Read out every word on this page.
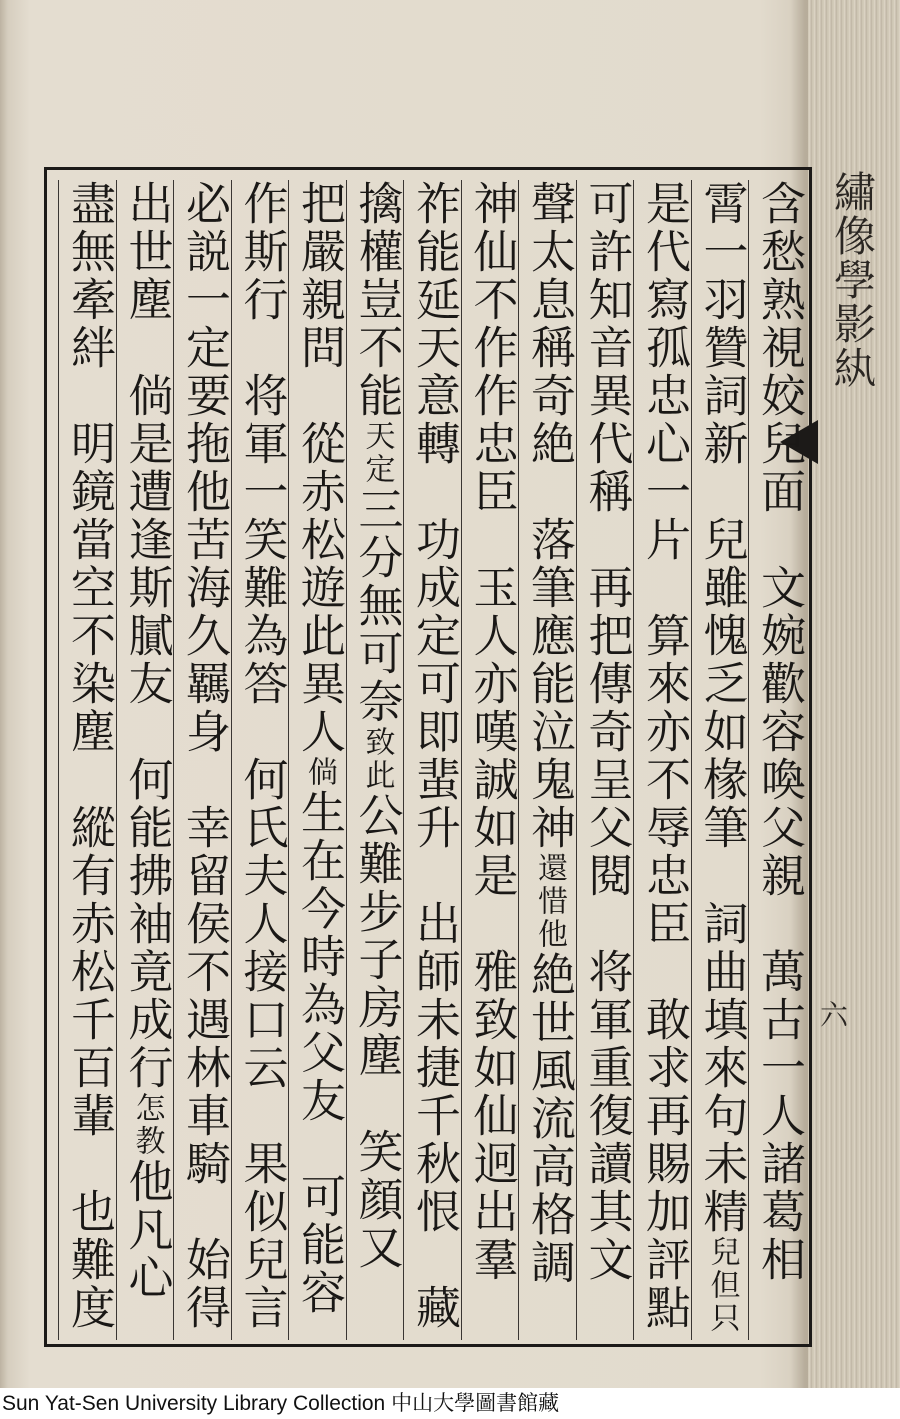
繡像學影紈
六
含愁熟視姣兒面　文婉歡容喚父親　萬古一人諸葛相　
霄一羽贊詞新　兒雖愧乏如椽筆　詞曲填來句未精兒但只
是代寫孤忠心一片　算來亦不辱忠臣　敢求再賜加評點
可許知音異代稱　再把傳奇呈父閱　将軍重復讀其文　
聲太息稱奇絶　落筆應能泣鬼神還惜他絶世風流高格調
神仙不作作忠臣　玉人亦嘆誠如是　雅致如仙迥出羣　
祚能延天意轉　功成定可即蜚升　出師未捷千秋恨　藏
擒權豈不能天定三分無可奈致此公難步子房塵　笑顔又
把嚴親問　從赤松遊此異人倘生在今時為父友　可能容
作斯行　将軍一笑難為答　何氏夫人接口云　果似兒言
必説一定要拖他苦海久羈身　幸留侯不遇林車騎　始得
出世塵　倘是遭逢斯膩友　何能拂袖竟成行怎教他凡心
盡無牽絆　明鏡當空不染塵　縱有赤松千百輩　也難度
Sun Yat-Sen University Library Collection 中山大學圖書館藏
